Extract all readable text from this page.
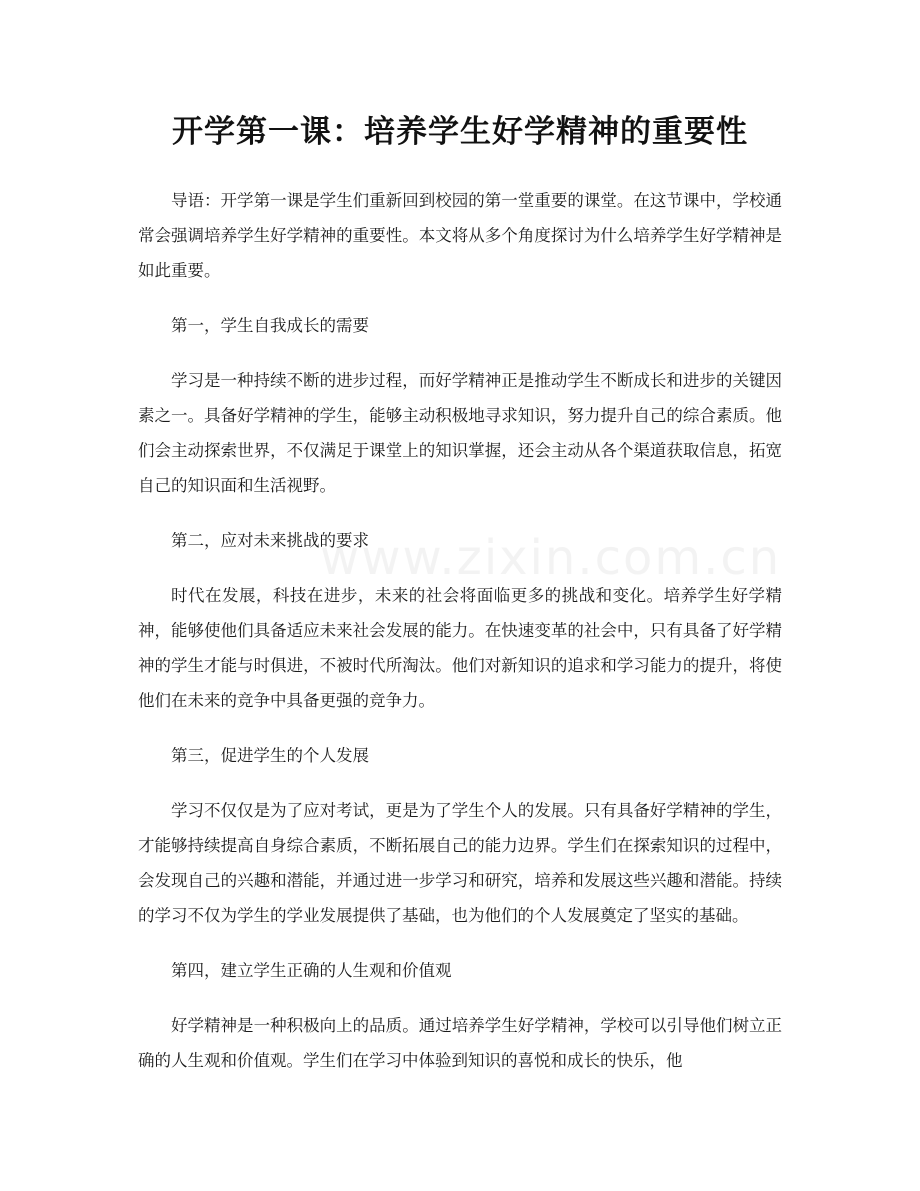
www.zixin.com.cn
开学第一课：培养学生好学精神的重要性

导语：开学第一课是学生们重新回到校园的第一堂重要的课堂。在这节课中，学校通常会强调培养学生好学精神的重要性。本文将从多个角度探讨为什么培养学生好学精神是如此重要。

第一，学生自我成长的需要

学习是一种持续不断的进步过程，而好学精神正是推动学生不断成长和进步的关键因素之一。具备好学精神的学生，能够主动积极地寻求知识，努力提升自己的综合素质。他们会主动探索世界，不仅满足于课堂上的知识掌握，还会主动从各个渠道获取信息，拓宽自己的知识面和生活视野。

第二，应对未来挑战的要求

时代在发展，科技在进步，未来的社会将面临更多的挑战和变化。培养学生好学精神，能够使他们具备适应未来社会发展的能力。在快速变革的社会中，只有具备了好学精神的学生才能与时俱进，不被时代所淘汰。他们对新知识的追求和学习能力的提升，将使他们在未来的竞争中具备更强的竞争力。

第三，促进学生的个人发展

学习不仅仅是为了应对考试，更是为了学生个人的发展。只有具备好学精神的学生，才能够持续提高自身综合素质，不断拓展自己的能力边界。学生们在探索知识的过程中，会发现自己的兴趣和潜能，并通过进一步学习和研究，培养和发展这些兴趣和潜能。持续的学习不仅为学生的学业发展提供了基础，也为他们的个人发展奠定了坚实的基础。

第四，建立学生正确的人生观和价值观

好学精神是一种积极向上的品质。通过培养学生好学精神，学校可以引导他们树立正确的人生观和价值观。学生们在学习中体验到知识的喜悦和成长的快乐，他
